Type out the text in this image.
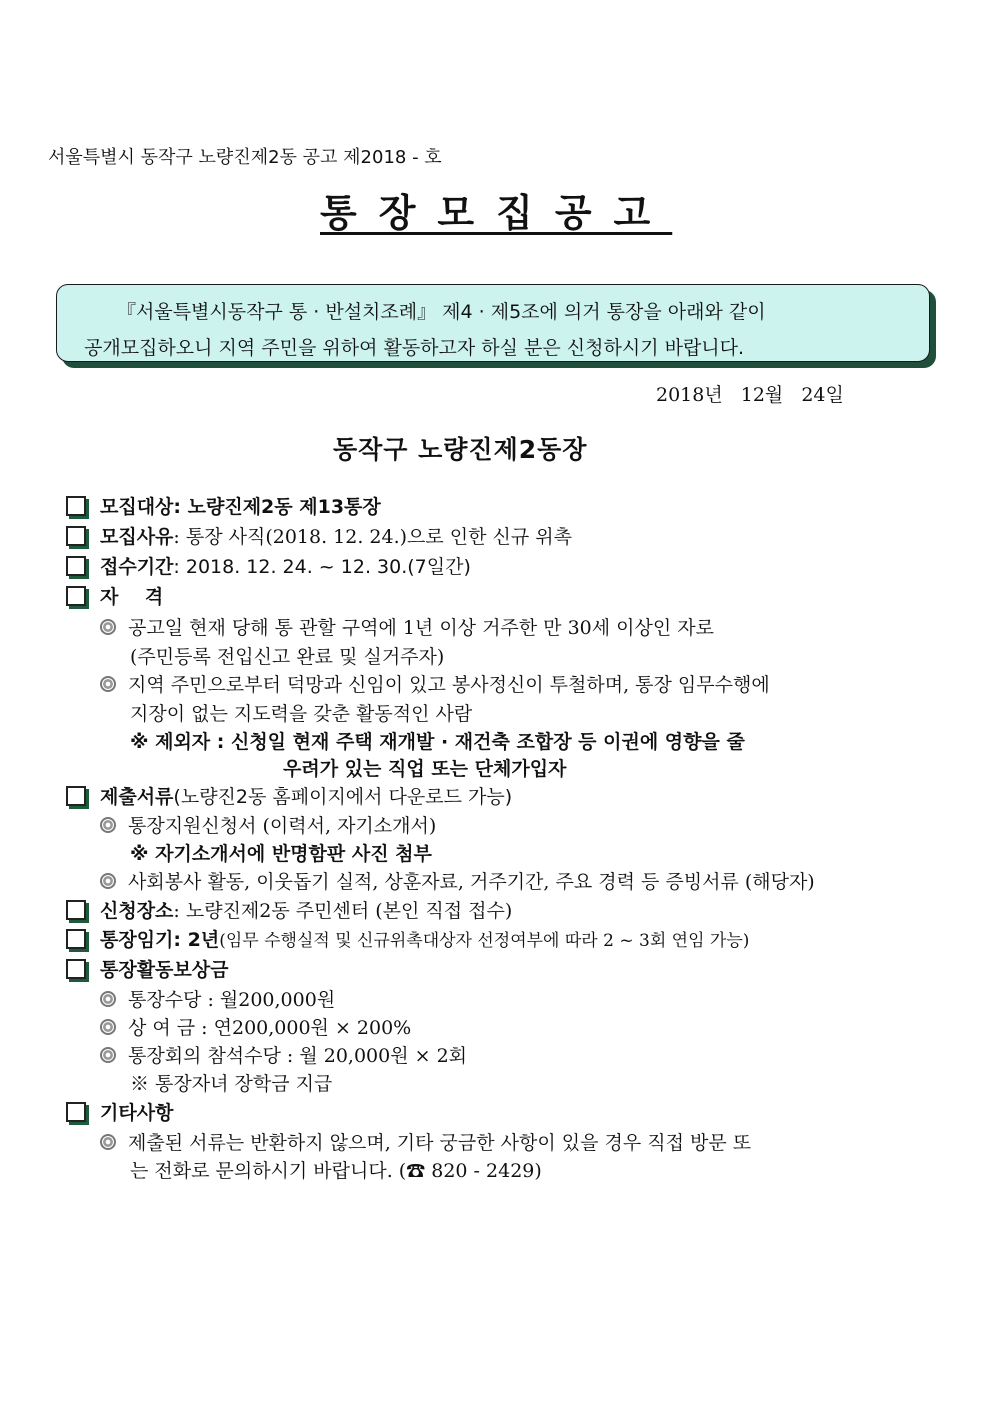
서울특별시 동작구 노량진제2동 공고 제2018 - 호
통장모집공고
『서울특별시동작구 통 · 반설치조례』 제4 · 제5조에 의거 통장을 아래와 같이
공개모집하오니 지역 주민을 위하여 활동하고자 하실 분은 신청하시기 바랍니다.
2018년 12월 24일
동작구 노량진제2동장
모집대상 : 노량진제2동 제13통장
모집사유 : 통장 사직(2018. 12. 24.)으로 인한 신규 위촉
접수기간 : 2018. 12. 24. ~ 12. 30.(7일간)
자    격
공고일 현재 당해 통 관할 구역에 1년 이상 거주한 만 30세 이상인 자로
(주민등록 전입신고 완료 및 실거주자)
지역 주민으로부터 덕망과 신임이 있고 봉사정신이 투철하며, 통장 임무수행에
지장이 없는 지도력을 갖춘 활동적인 사람
※ 제외자 : 신청일 현재 주택 재개발 · 재건축 조합장 등 이권에 영향을 줄
우려가 있는 직업 또는 단체가입자
제출서류 (노량진2동 홈페이지에서 다운로드 가능)
통장지원신청서 (이력서, 자기소개서)
※ 자기소개서에 반명함판 사진 첨부
사회봉사 활동, 이웃돕기 실적, 상훈자료, 거주기간, 주요 경력 등 증빙서류 (해당자)
신청장소 : 노량진제2동 주민센터 (본인 직접 접수)
통장임기 : 2년 (임무 수행실적 및 신규위촉대상자 선정여부에 따라 2 ~ 3회 연임 가능)
통장활동보상금
통장수당 : 월200,000원
상 여 금 : 연200,000원 × 200%
통장회의 참석수당 : 월 20,000원 × 2회
※ 통장자녀 장학금 지급
기타사항
제출된 서류는 반환하지 않으며, 기타 궁금한 사항이 있을 경우 직접 방문 또
는 전화로 문의하시기 바랍니다. (☎ 820 - 2429)
